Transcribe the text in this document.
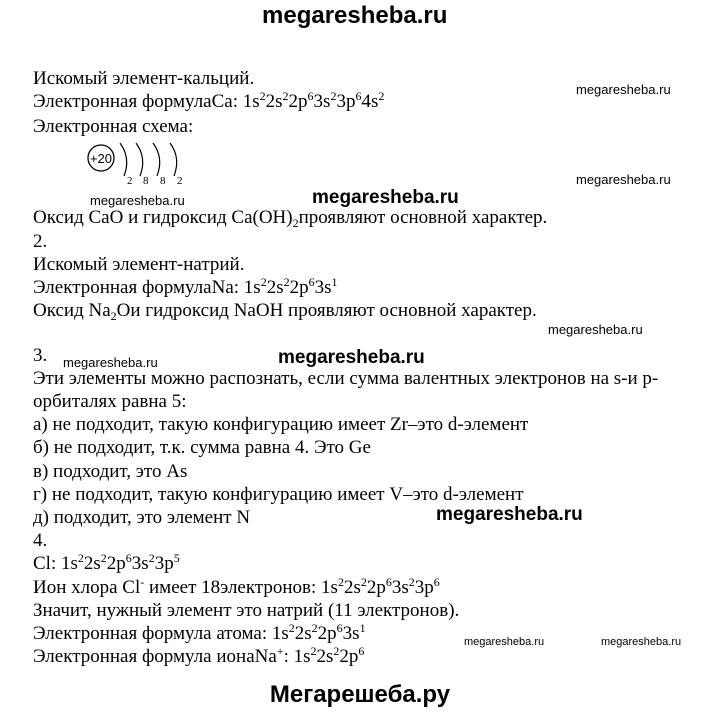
megaresheba.ru
megaresheba.ru
megaresheba.ru
megaresheba.ru	megaresheba.ru
megaresheba.ru
megaresheba.ru	megaresheba.ru
megaresheba.ru
megaresheba.ru	megaresheba.ru
Искомый элемент-кальций.
Электронная формулаCa: $1s^22s^22p^63s^23p^64s^2$
Электронная схема:
+20
2 8 8 2
Оксид СаО и гидроксид $Са(ОН)_2проявляют$ основной характер.
2.
Искомый элемент-натрий.
Электронная формулаNa: $1s^22s^22p^63s^1$
Оксид $Na_2Ои$ гидроксид NaOH проявляют основной характер.
3.
Эти элементы можно распознать, если сумма валентных электронов на s-и p-
орбиталях равна 5:
а) не подходит, такую конфигурацию имеет Zr–это d-элемент
б) не подходит, т.к. сумма равна 4. Это Ge
в) подходит, это As
г) не подходит, такую конфигурацию имеет V–это d-элемент
д) подходит, это элемент N
4.
Cl: $1s^22s^22p^63s^23p^5$
Ион хлора Cl- имеет 18электронов: $1s^22s^22p^63s^23p^6$
Значит, нужный элемент это натрий (11 электронов).
Электронная формула атома: $1s^22s^22p^63s^1$
Электронная формула ионаNa+: $1s^22s^22p^6$
Мегарешеба.ру
